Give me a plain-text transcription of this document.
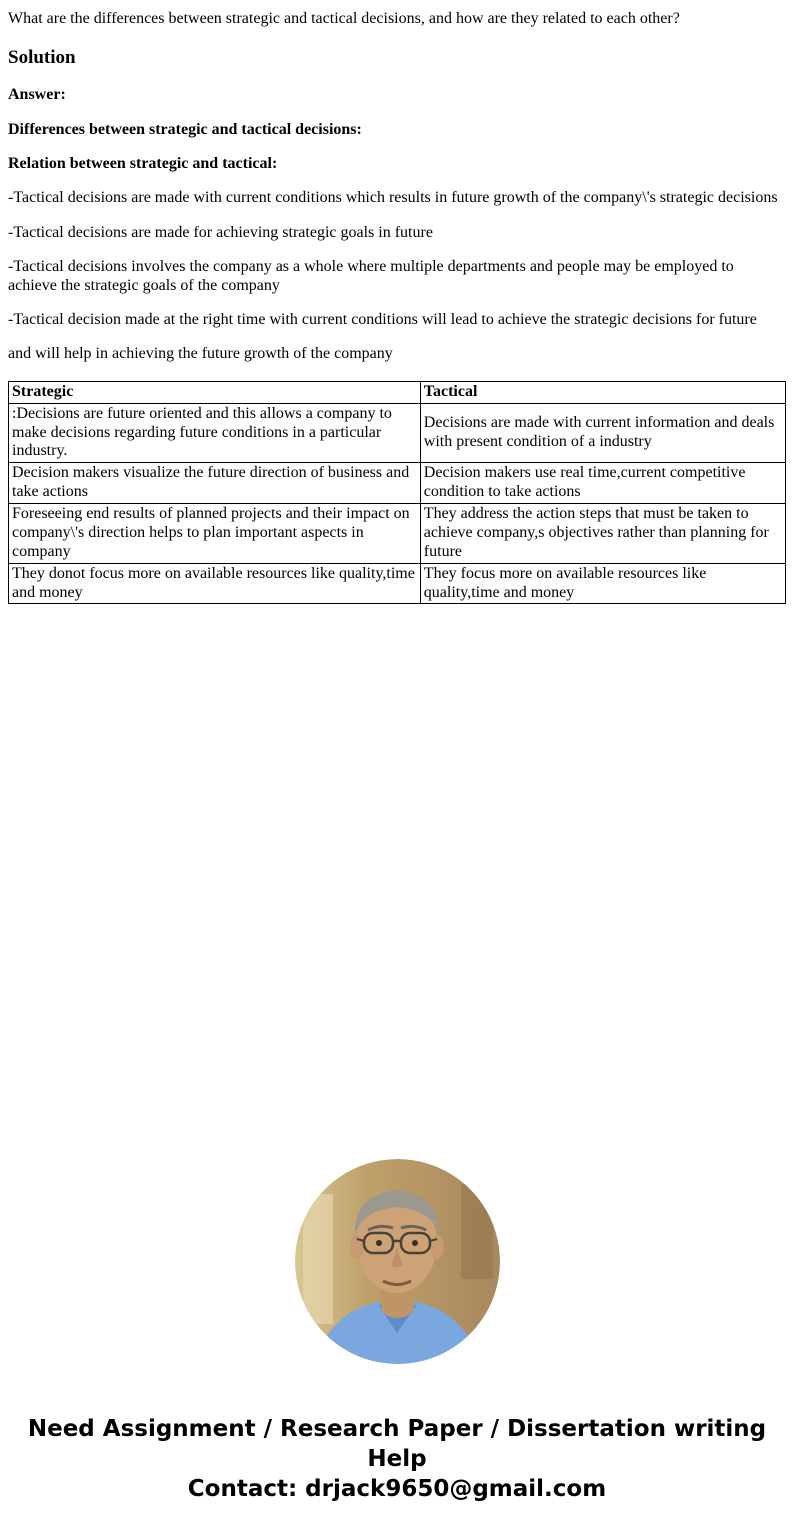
What are the differences between strategic and tactical decisions, and how are they related to each other?

Solution

Answer:

Differences between strategic and tactical decisions:

Relation between strategic and tactical:

-Tactical decisions are made with current conditions which results in future growth of the company\'s strategic decisions

-Tactical decisions are made for achieving strategic goals in future

-Tactical decisions involves the company as a whole where multiple departments and people may be employed to achieve the strategic goals of the company

-Tactical decision made at the right time with current conditions will lead to achieve the strategic decisions for future

and will help in achieving the future growth of the company

Strategic	Tactical
:Decisions are future oriented and this allows a company to make decisions regarding future conditions in a particular industry.	Decisions are made with current information and deals with present condition of a industry
Decision makers visualize the future direction of business and take actions	Decision makers use real time,current competitive condition to take actions
Foreseeing end results of planned projects and their impact on company\'s direction helps to plan important aspects in company	They address the action steps that must be taken to achieve company,s objectives rather than planning for future
They donot focus more on available resources like quality,time and money	They focus more on available resources like quality,time and money
Need Assignment / Research Paper / Dissertation writing Help
Contact: drjack9650@gmail.com
